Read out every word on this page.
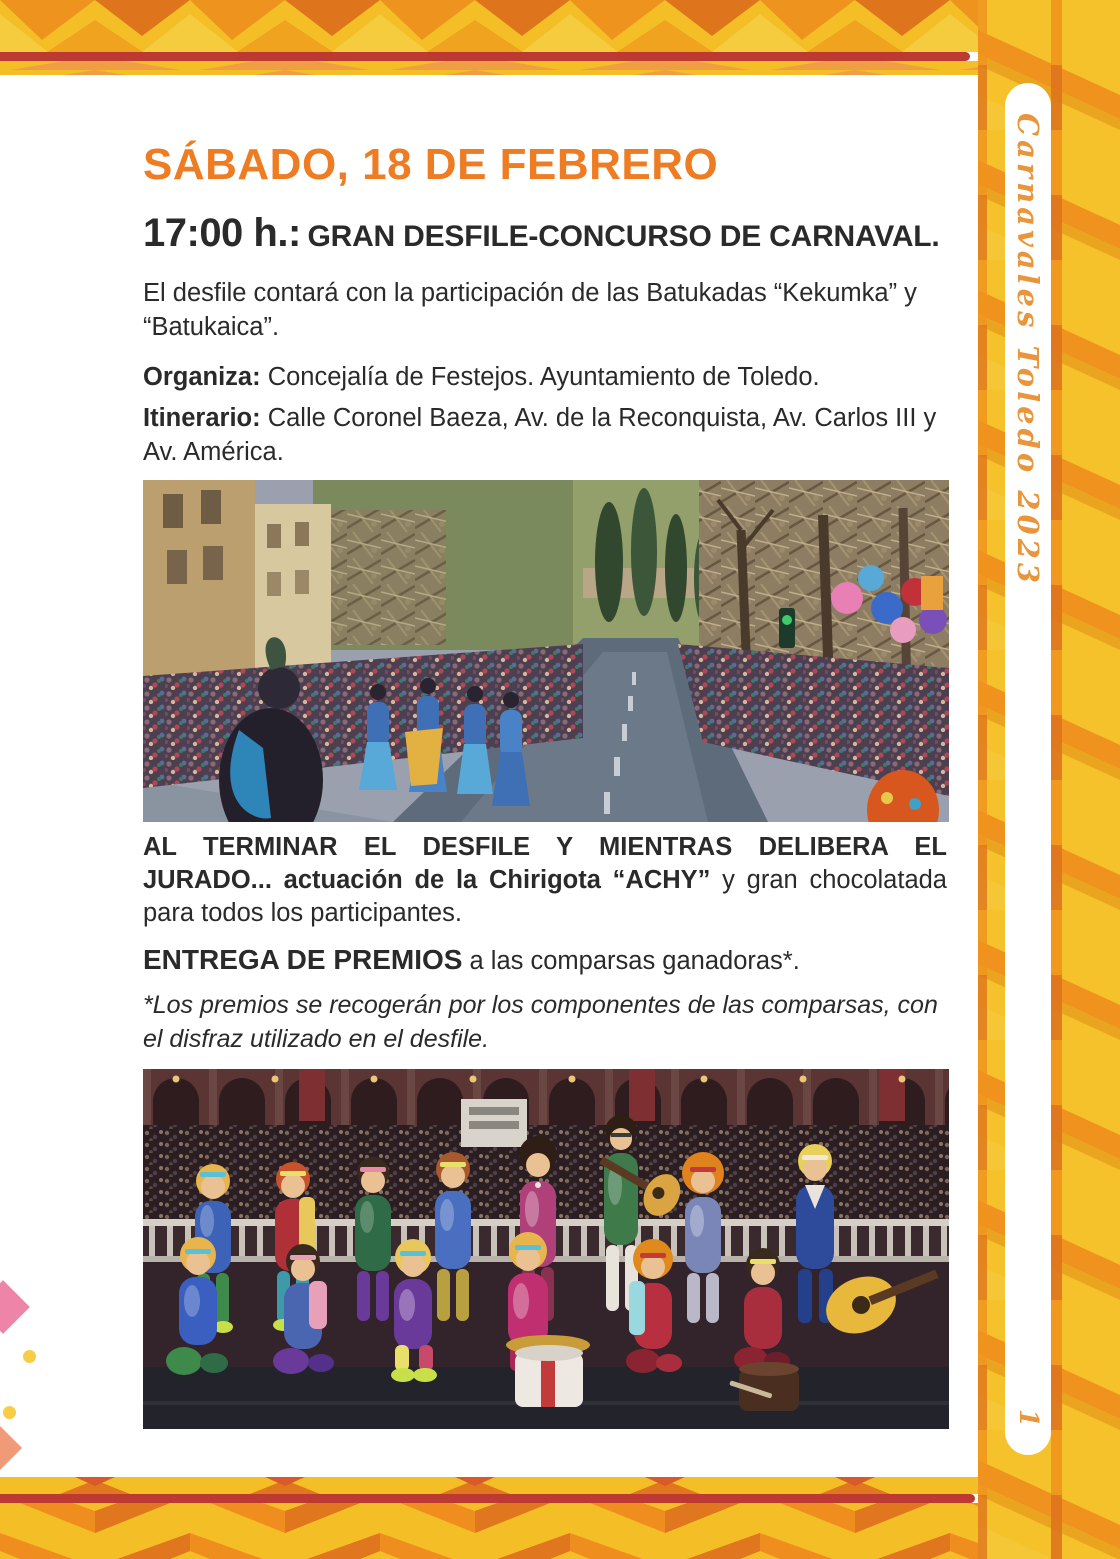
Carnavales Toledo 2023
1
SÁBADO, 18 DE FEBRERO
17:00 h.: GRAN DESFILE-CONCURSO DE CARNAVAL.

El desfile contará con la participación de las Batukadas “Kekumka” y “Batukaica”.

Organiza: Concejalía de Festejos. Ayuntamiento de Toledo.

Itinerario: Calle Coronel Baeza, Av. de la Reconquista, Av. Carlos III y Av. América.

AL TERMINAR EL DESFILE Y MIENTRAS DELIBERA EL JURADO... actuación de la Chirigota “ACHY” y gran chocolatada para todos los participantes.

ENTREGA DE PREMIOS a las comparsas ganadoras*.

*Los premios se recogerán por los componentes de las comparsas, con el disfraz utilizado en el desfile.
